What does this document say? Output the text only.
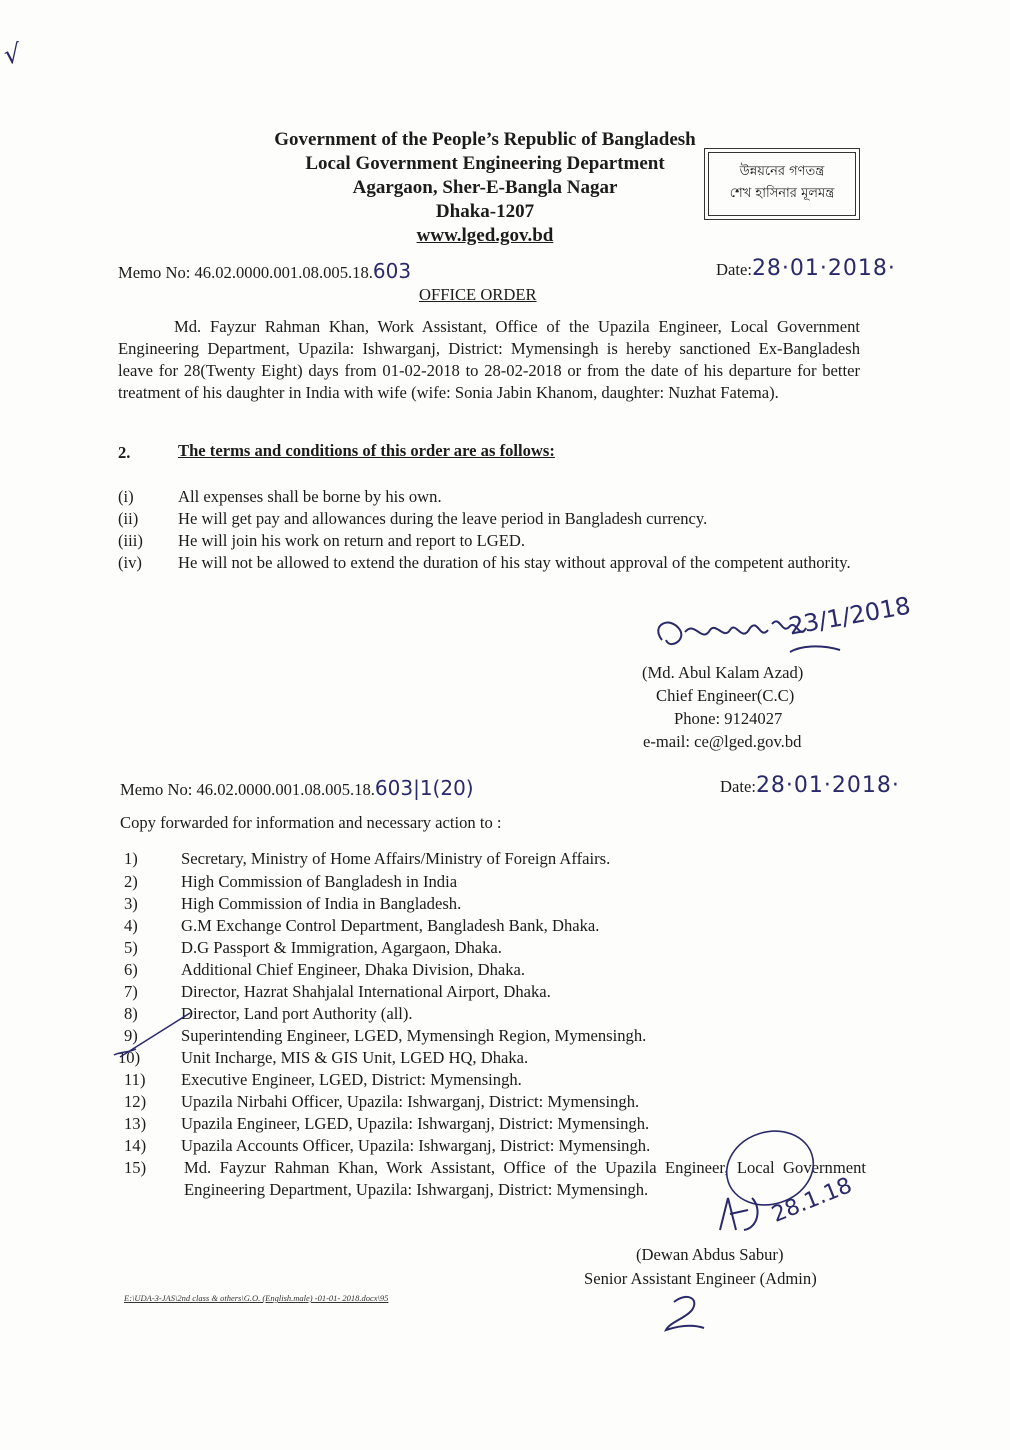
√
Government of the People’s Republic of Bangladesh
Local Government Engineering Department
Agargaon, Sher-E-Bangla Nagar
Dhaka-1207
www.lged.gov.bd
উন্নয়নের গণতন্ত্র
শেখ হাসিনার মূলমন্ত্র
Memo No: 46.02.0000.001.08.005.18.603	Date:28·01·2018·
OFFICE ORDER
Md. Fayzur Rahman Khan, Work Assistant, Office of the Upazila Engineer, Local Government Engineering Department, Upazila: Ishwarganj, District: Mymensingh is hereby sanctioned Ex-Bangladesh leave for 28(Twenty Eight) days from 01-02-2018 to 28-02-2018 or from the date of his departure for better treatment of his daughter in India with wife (wife: Sonia Jabin Khanom, daughter: Nuzhat Fatema).
2.	The terms and conditions of this order are as follows:
(i)	All expenses shall be borne by his own.
(ii)	He will get pay and allowances during the leave period in Bangladesh currency.
(iii)	He will join his work on return and report to LGED.
(iv)	He will not be allowed to extend the duration of his stay without approval of the competent authority.
23/1/2018
(Md. Abul Kalam Azad)
Chief Engineer(C.C)
Phone: 9124027
e-mail: ce@lged.gov.bd
Memo No: 46.02.0000.001.08.005.18.603|1(20)	Date:28·01·2018·
Copy forwarded for information and necessary action to :
1)	Secretary, Ministry of Home Affairs/Ministry of Foreign Affairs.
2)	High Commission of Bangladesh in India
3)	High Commission of India in Bangladesh.
4)	G.M Exchange Control Department, Bangladesh Bank, Dhaka.
5)	D.G Passport & Immigration, Agargaon, Dhaka.
6)	Additional Chief Engineer, Dhaka Division, Dhaka.
7)	Director, Hazrat Shahjalal International Airport, Dhaka.
8)	Director, Land port Authority (all).
9)	Superintending Engineer, LGED, Mymensingh Region, Mymensingh.
10)	Unit Incharge, MIS & GIS Unit, LGED HQ, Dhaka.
11)	Executive Engineer, LGED, District: Mymensingh.
12)	Upazila Nirbahi Officer, Upazila: Ishwarganj, District: Mymensingh.
13)	Upazila Engineer, LGED, Upazila: Ishwarganj, District: Mymensingh.
14)	Upazila Accounts Officer, Upazila: Ishwarganj, District: Mymensingh.
15)	Md. Fayzur Rahman Khan, Work Assistant, Office of the Upazila Engineer, Local Government Engineering Department, Upazila: Ishwarganj, District: Mymensingh.	28.1.18
(Dewan Abdus Sabur)
Senior Assistant Engineer (Admin)
E:\UDA-3-JAS\2nd class & others\G.O. (English.male) -01-01- 2018.docx\95
